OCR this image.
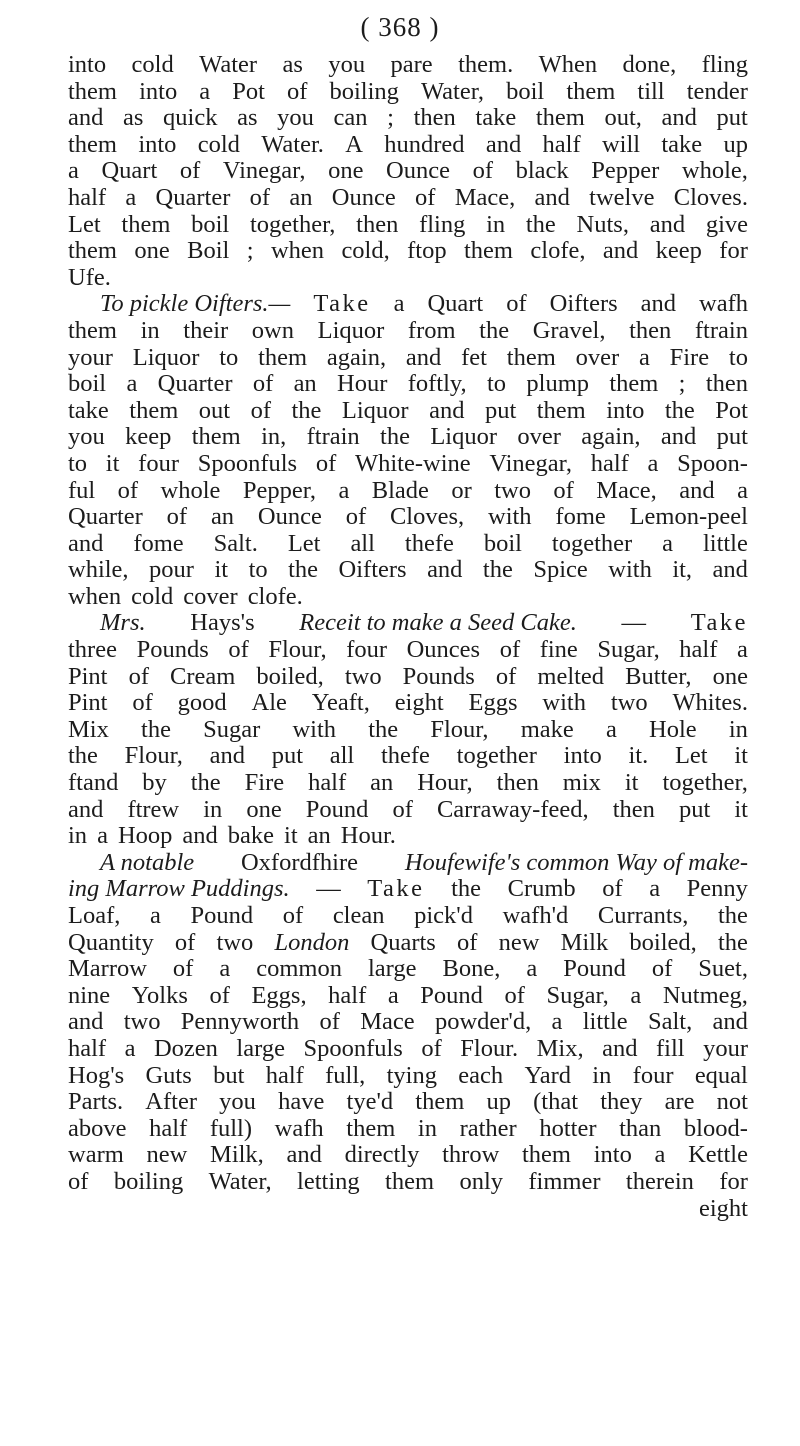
( 368 )
into cold Water as you pare them. When done, fling
them into a Pot of boiling Water, boil them till tender
and as quick as you can ; then take them out, and put
them into cold Water. A hundred and half will take up
a Quart of Vinegar, one Ounce of black Pepper whole,
half a Quarter of an Ounce of Mace, and twelve Cloves.
Let them boil together, then fling in the Nuts, and give
them one Boil ; when cold, ftop them clofe, and keep for
Ufe.
To pickle Oifters.— Take a Quart of Oifters and wafh
them in their own Liquor from the Gravel, then ftrain
your Liquor to them again, and fet them over a Fire to
boil a Quarter of an Hour foftly, to plump them ; then
take them out of the Liquor and put them into the Pot
you keep them in, ftrain the Liquor over again, and put
to it four Spoonfuls of White-wine Vinegar, half a Spoon-
ful of whole Pepper, a Blade or two of Mace, and a
Quarter of an Ounce of Cloves, with fome Lemon-peel
and fome Salt. Let all thefe boil together a little
while, pour it to the Oifters and the Spice with it, and
when cold cover clofe.
Mrs. Hays's Receit to make a Seed Cake. — Take
three Pounds of Flour, four Ounces of fine Sugar, half a
Pint of Cream boiled, two Pounds of melted Butter, one
Pint of good Ale Yeaft, eight Eggs with two Whites.
Mix the Sugar with the Flour, make a Hole in
the Flour, and put all thefe together into it. Let it
ftand by the Fire half an Hour, then mix it together,
and ftrew in one Pound of Carraway-feed, then put it
in a Hoop and bake it an Hour.
A notable Oxfordfhire Houfewife's common Way of make-
ing Marrow Puddings. — Take the Crumb of a Penny
Loaf, a Pound of clean pick'd wafh'd Currants, the
Quantity of two London Quarts of new Milk boiled, the
Marrow of a common large Bone, a Pound of Suet,
nine Yolks of Eggs, half a Pound of Sugar, a Nutmeg,
and two Pennyworth of Mace powder'd, a little Salt, and
half a Dozen large Spoonfuls of Flour. Mix, and fill your
Hog's Guts but half full, tying each Yard in four equal
Parts. After you have tye'd them up (that they are not
above half full) wafh them in rather hotter than blood-
warm new Milk, and directly throw them into a Kettle
of boiling Water, letting them only fimmer therein for
eight
